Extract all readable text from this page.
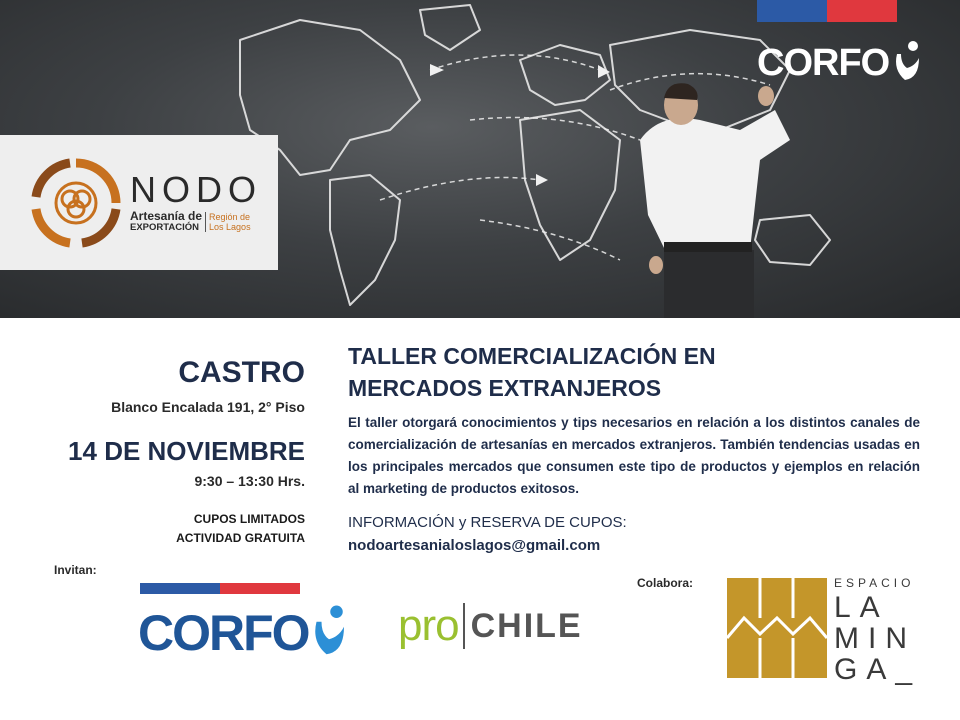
CORFO
NODO
Artesanía de
EXPORTACIÓN
Región de
Los Lagos
CASTRO
Blanco Encalada 191, 2° Piso
14 DE NOVIEMBRE
9:30 – 13:30 Hrs.
CUPOS LIMITADOS
ACTIVIDAD GRATUITA
TALLER COMERCIALIZACIÓN EN
MERCADOS EXTRANJEROS
El taller otorgará conocimientos y tips necesarios en relación a los distintos canales de comercialización de artesanías en mercados extranjeros. También tendencias usadas en los principales mercados que consumen este tipo de productos y ejemplos en relación al marketing de productos exitosos.
INFORMACIÓN y RESERVA DE CUPOS:
nodoartesanialoslagos@gmail.com
Invitan:
CORFO pro CHILE
Colabora:	ESPACIO
LA
MIN
GA_
